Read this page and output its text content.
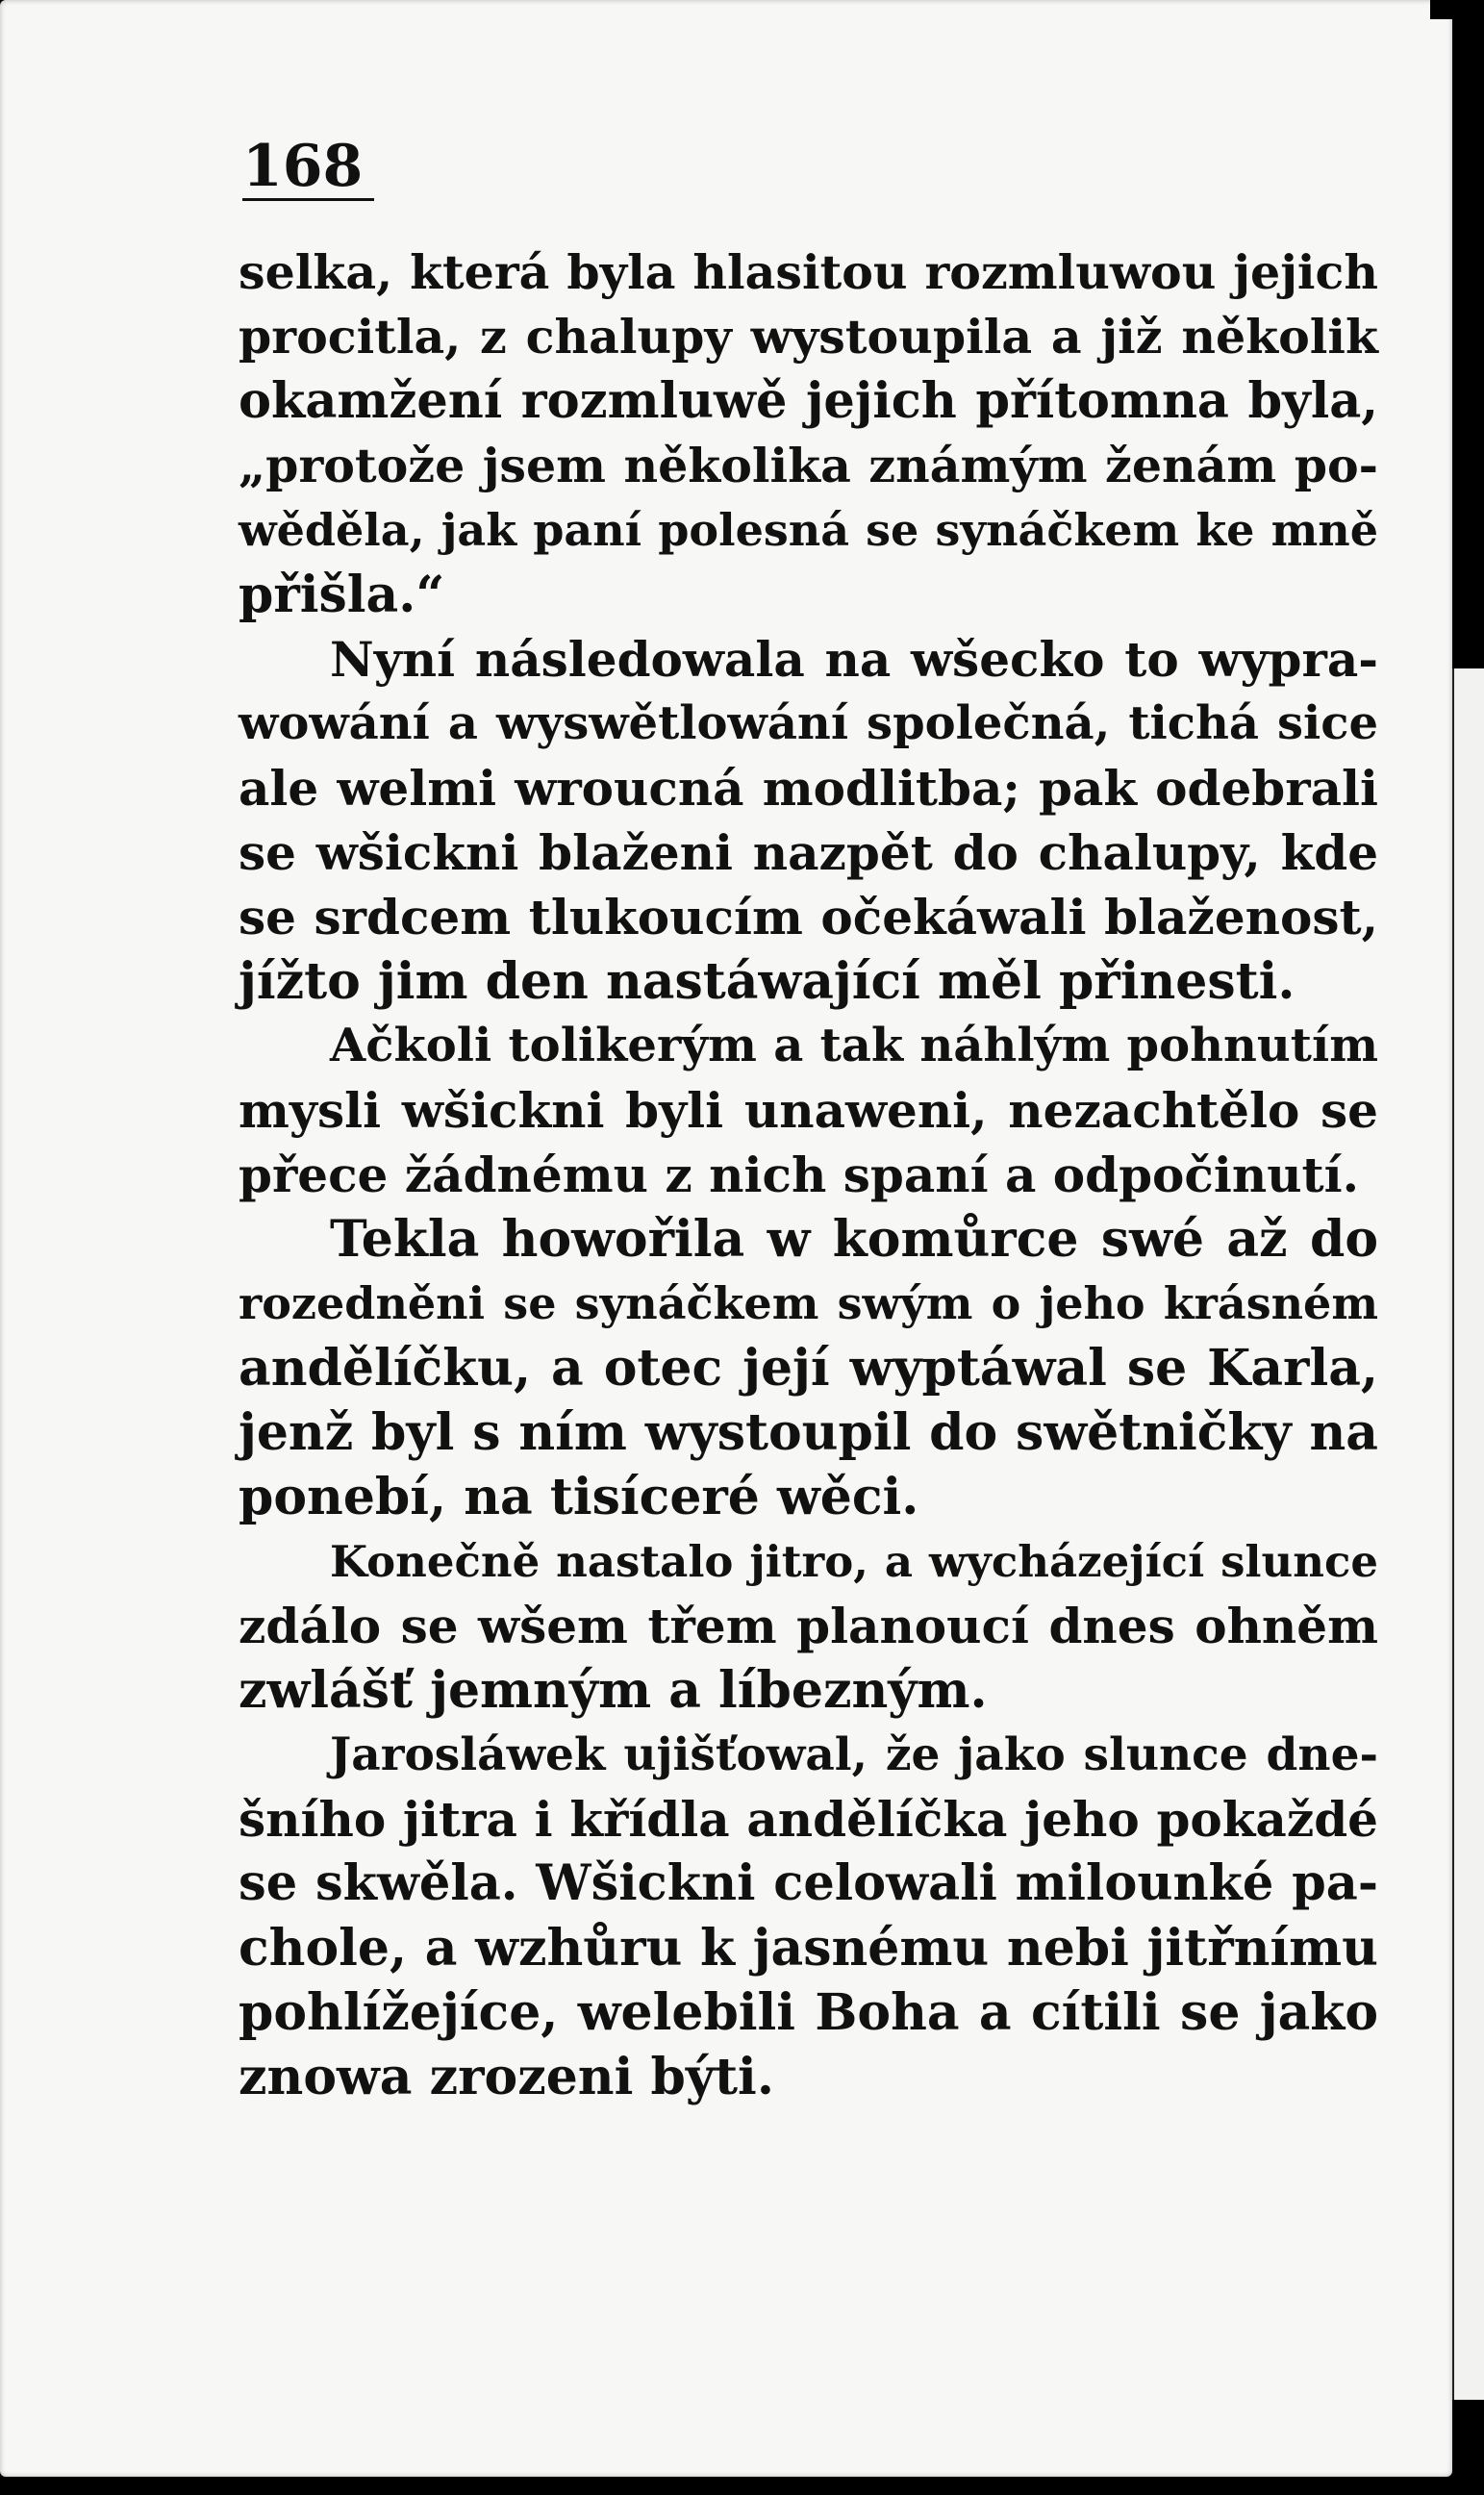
168
selka, která byla hlasitou rozmluwou jejich
procitla, z chalupy wystoupila a již několik
okamžení rozmluwě jejich přítomna byla,
„protože jsem několika známým ženám po-
wěděla, jak paní polesná se synáčkem ke mně
přišla.“
Nyní následowala na wšecko to wypra-
wowání a wyswětlowání společná, tichá sice
ale welmi wroucná modlitba; pak odebrali
se wšickni blaženi nazpět do chalupy, kde
se srdcem tlukoucím očekáwali blaženost,
jížto jim den nastáwající měl přinesti.
Ačkoli tolikerým a tak náhlým pohnutím
mysli wšickni byli unaweni, nezachtělo se
přece žádnému z nich spaní a odpočinutí.
Tekla howořila w komůrce swé až do
rozedněni se synáčkem swým o jeho krásném
andělíčku, a otec její wyptáwal se Karla,
jenž byl s ním wystoupil do swětničky na
ponebí, na tisíceré wěci.
Konečně nastalo jitro, a wycházející slunce
zdálo se wšem třem planoucí dnes ohněm
zwlášť jemným a líbezným.
Jarosláwek ujišťowal, že jako slunce dne-
šního jitra i křídla andělíčka jeho pokaždé
se skwěla. Wšickni celowali milounké pa-
chole, a wzhůru k jasnému nebi jitřnímu
pohlížejíce, welebili Boha a cítili se jako
znowa zrozeni býti.
